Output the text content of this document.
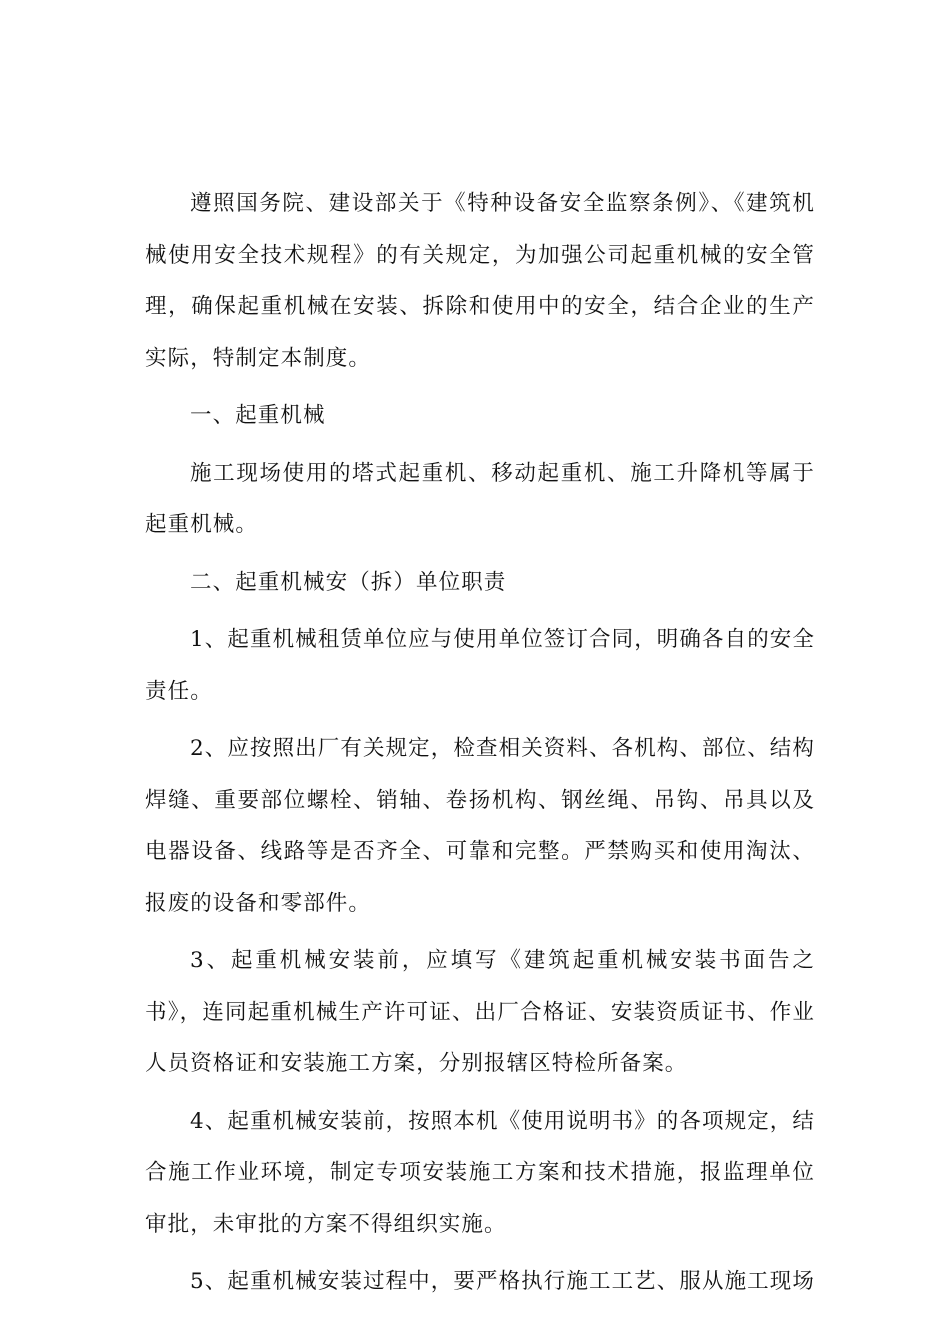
遵照国务院、建设部关于《特种设备安全监察条例》、《建筑机械使用安全技术规程》的有关规定，为加强公司起重机械的安全管理，确保起重机械在安装、拆除和使用中的安全，结合企业的生产实际，特制定本制度。

一、起重机械

施工现场使用的塔式起重机、移动起重机、施工升降机等属于起重机械。

二、起重机械安（拆）单位职责

1、起重机械租赁单位应与使用单位签订合同，明确各自的安全责任。

2、应按照出厂有关规定，检查相关资料、各机构、部位、结构焊缝、重要部位螺栓、销轴、卷扬机构、钢丝绳、吊钩、吊具以及电器设备、线路等是否齐全、可靠和完整。严禁购买和使用淘汰、报废的设备和零部件。

3、起重机械安装前，应填写《建筑起重机械安装书面告之书》，连同起重机械生产许可证、出厂合格证、安装资质证书、作业人员资格证和安装施工方案，分别报辖区特检所备案。

4、起重机械安装前，按照本机《使用说明书》的各项规定，结合施工作业环境，制定专项安装施工方案和技术措施，报监理单位审批，未审批的方案不得组织实施。

5、起重机械安装过程中，要严格执行施工工艺、服从施工现场
